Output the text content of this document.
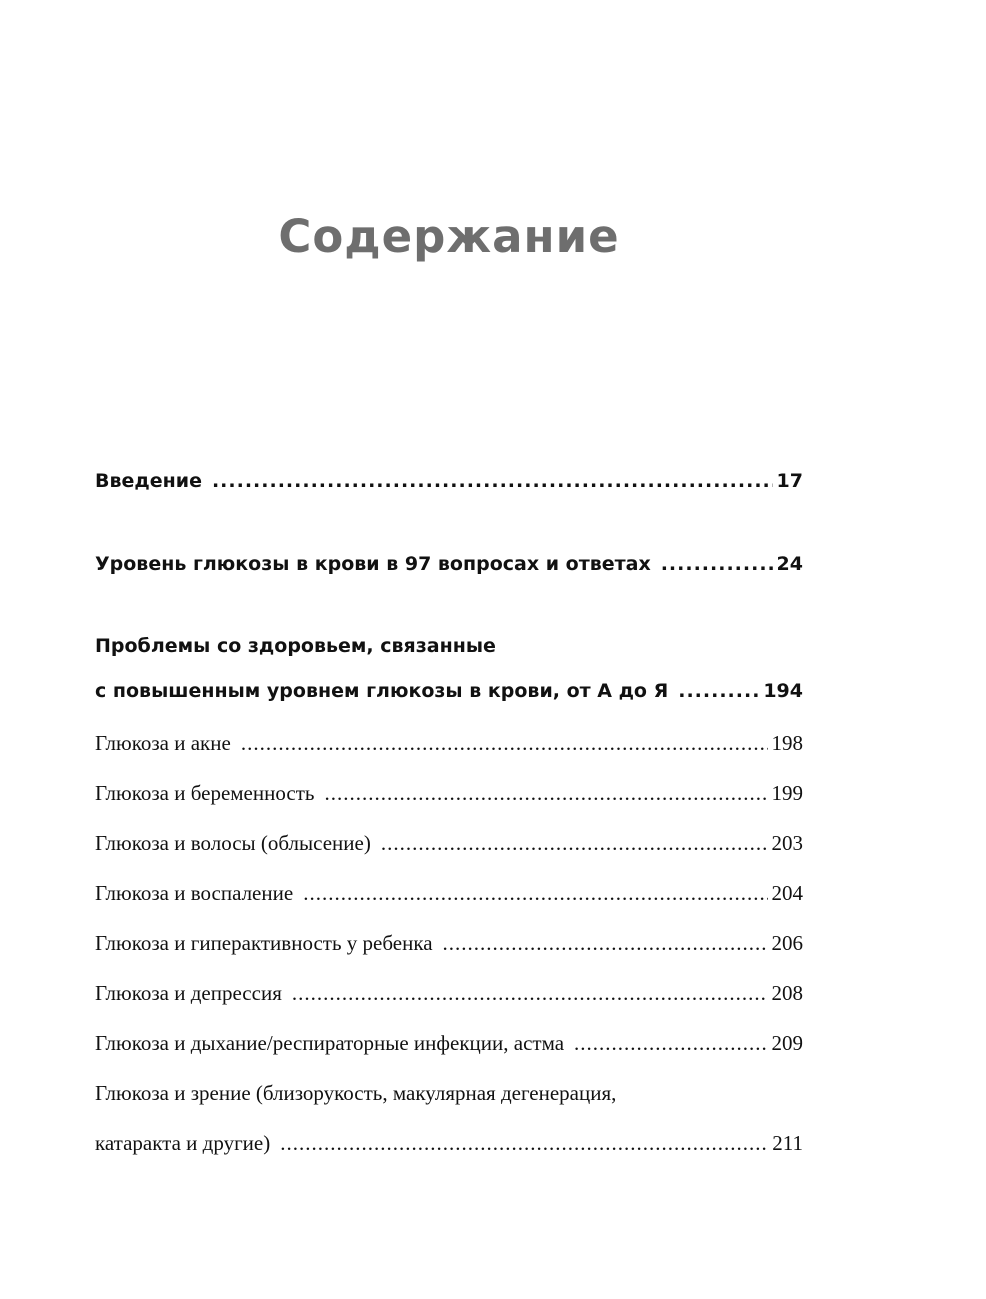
Содержание
Введение .....	17
Уровень глюкозы в крови в 97 вопросах и ответах .....	24
Проблемы со здоровьем, связанные
с повышенным уровнем глюкозы в крови, от А до Я .....	194
Глюкоза и акне .....	198
Глюкоза и беременность .....	199
Глюкоза и волосы (облысение) .....	203
Глюкоза и воспаление .....	204
Глюкоза и гиперактивность у ребенка .....	206
Глюкоза и депрессия .....	208
Глюкоза и дыхание/респираторные инфекции, астма .....	209
Глюкоза и зрение (близорукость, макулярная дегенерация,
катаракта и другие) .....	211
